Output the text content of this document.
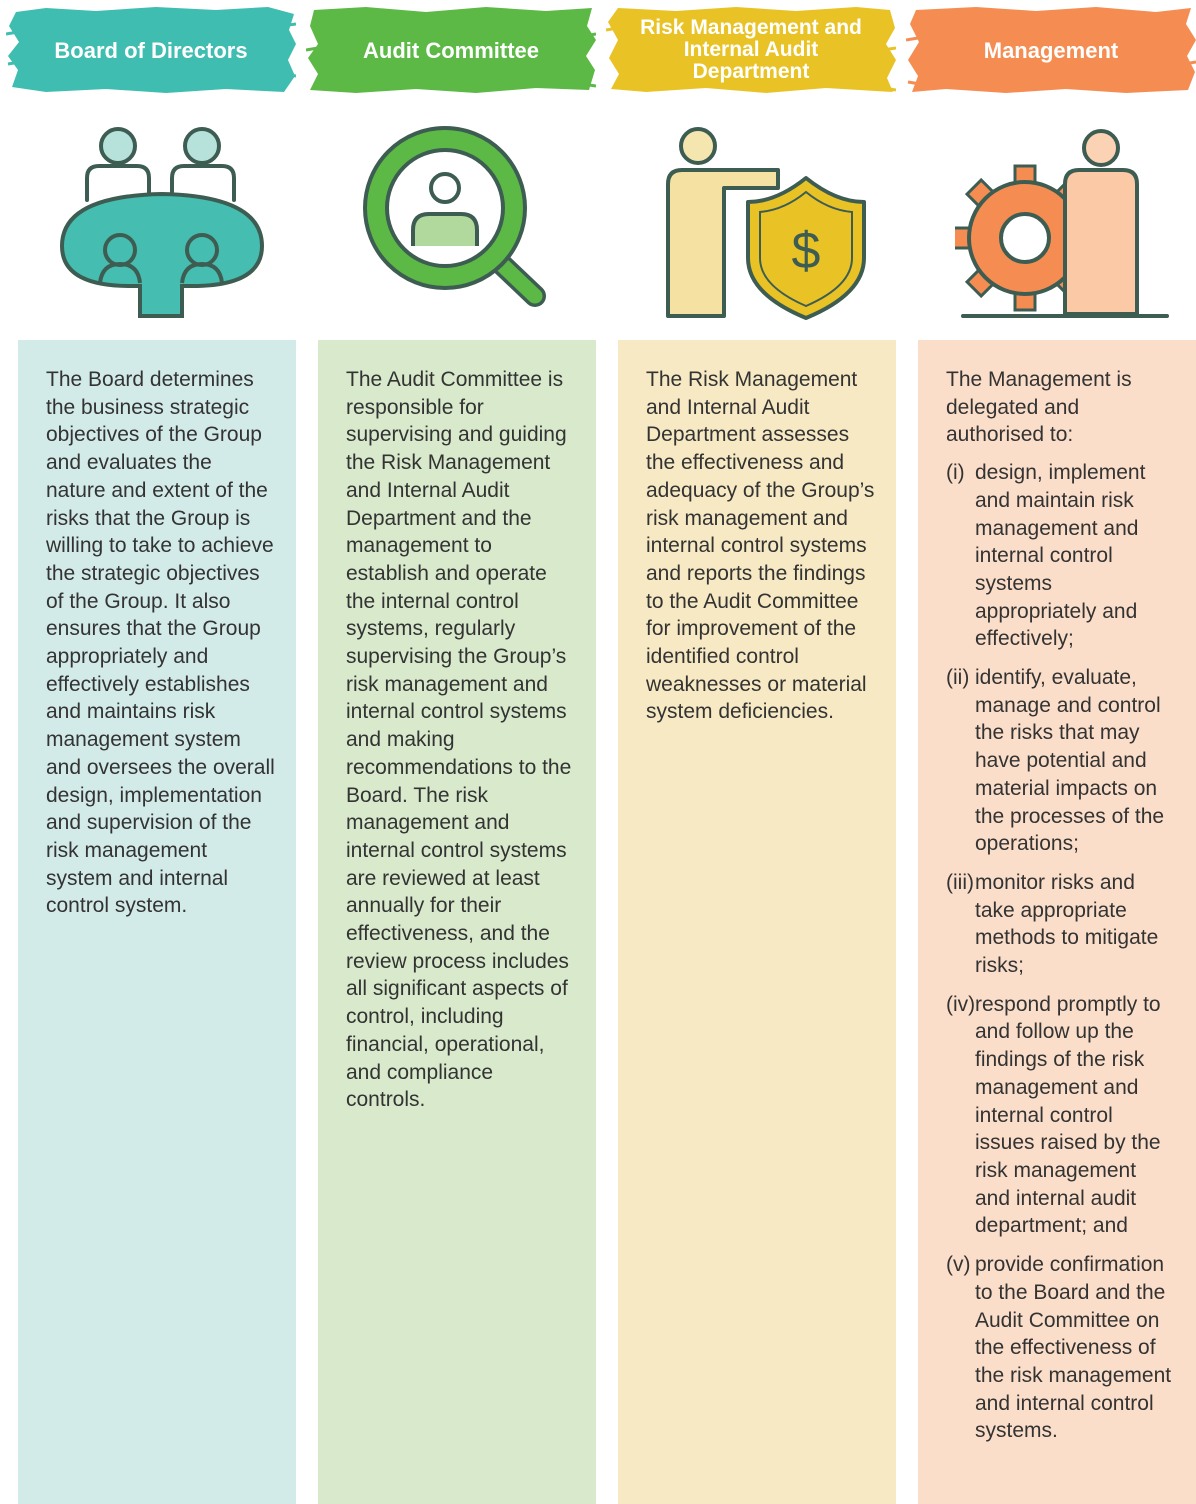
Board of Directors

The Board determines the business strategic objectives of the Group and evaluates the nature and extent of the risks that the Group is willing to take to achieve the strategic objectives of the Group. It also ensures that the Group appropriately and effectively establishes and maintains risk management system and oversees the overall design, implementation and supervision of the risk management system and internal control system.

Audit Committee

The Audit Committee is responsible for supervising and guiding the Risk Management and Internal Audit Department and the management to establish and operate the internal control systems, regularly supervising the Group’s risk management and internal control systems and making recommendations to the Board. The risk management and internal control systems are reviewed at least annually for their effectiveness, and the review process includes all significant aspects of control, including financial, operational, and compliance controls.

Risk Management and Internal Audit Department
$

The Risk Management and Internal Audit Department assesses the effectiveness and adequacy of the Group’s risk management and internal control systems and reports the findings to the Audit Committee for improvement of the identified control weaknesses or material system deficiencies.

Management

The Management is delegated and authorised to:

(i) design, implement and maintain risk management and internal control systems appropriately and effectively;
(ii) identify, evaluate, manage and control the risks that may have potential and material impacts on the processes of the operations;
(iii) monitor risks and take appropriate methods to mitigate risks;
(iv) respond promptly to and follow up the findings of the risk management and internal control issues raised by the risk management and internal audit department; and
(v) provide confirmation to the Board and the Audit Committee on the effectiveness of the risk management and internal control systems.
